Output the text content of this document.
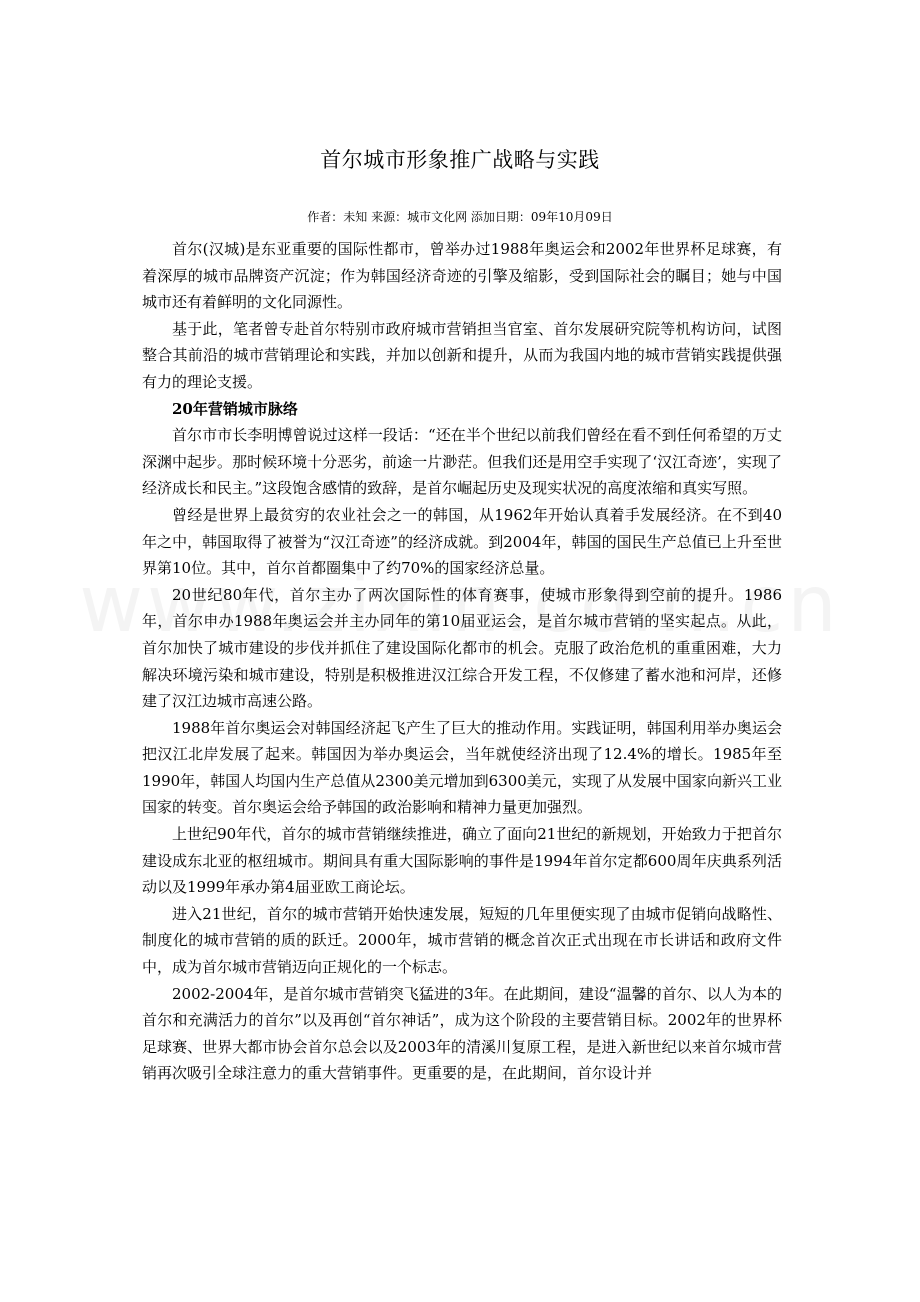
首尔城市形象推广战略与实践
作者：未知 来源：城市文化网 添加日期：09年10月09日

首尔(汉城)是东亚重要的国际性都市，曾举办过1988年奥运会和2002年世界杯足球赛，有着深厚的城市品牌资产沉淀；作为韩国经济奇迹的引擎及缩影，受到国际社会的瞩目；她与中国城市还有着鲜明的文化同源性。

基于此，笔者曾专赴首尔特别市政府城市营销担当官室、首尔发展研究院等机构访问，试图整合其前沿的城市营销理论和实践，并加以创新和提升，从而为我国内地的城市营销实践提供强有力的理论支援。

20年营销城市脉络

首尔市市长李明博曾说过这样一段话：“还在半个世纪以前我们曾经在看不到任何希望的万丈深渊中起步。那时候环境十分恶劣，前途一片渺茫。但我们还是用空手实现了‘汉江奇迹’，实现了经济成长和民主。”这段饱含感情的致辞，是首尔崛起历史及现实状况的高度浓缩和真实写照。

曾经是世界上最贫穷的农业社会之一的韩国，从1962年开始认真着手发展经济。在不到40年之中，韩国取得了被誉为“汉江奇迹”的经济成就。到2004年，韩国的国民生产总值已上升至世界第10位。其中，首尔首都圈集中了约70%的国家经济总量。

20世纪80年代，首尔主办了两次国际性的体育赛事，使城市形象得到空前的提升。1986年，首尔申办1988年奥运会并主办同年的第10届亚运会，是首尔城市营销的坚实起点。从此，首尔加快了城市建设的步伐并抓住了建设国际化都市的机会。克服了政治危机的重重困难，大力解决环境污染和城市建设，特别是积极推进汉江综合开发工程，不仅修建了蓄水池和河岸，还修建了汉江边城市高速公路。

1988年首尔奥运会对韩国经济起飞产生了巨大的推动作用。实践证明，韩国利用举办奥运会把汉江北岸发展了起来。韩国因为举办奥运会，当年就使经济出现了12.4%的增长。1985年至1990年，韩国人均国内生产总值从2300美元增加到6300美元，实现了从发展中国家向新兴工业国家的转变。首尔奥运会给予韩国的政治影响和精神力量更加强烈。

上世纪90年代，首尔的城市营销继续推进，确立了面向21世纪的新规划，开始致力于把首尔建设成东北亚的枢纽城市。期间具有重大国际影响的事件是1994年首尔定都600周年庆典系列活动以及1999年承办第4届亚欧工商论坛。

进入21世纪，首尔的城市营销开始快速发展，短短的几年里便实现了由城市促销向战略性、制度化的城市营销的质的跃迁。2000年，城市营销的概念首次正式出现在市长讲话和政府文件中，成为首尔城市营销迈向正规化的一个标志。

2002-2004年，是首尔城市营销突飞猛进的3年。在此期间，建设“温馨的首尔、以人为本的首尔和充满活力的首尔”以及再创“首尔神话”，成为这个阶段的主要营销目标。2002年的世界杯足球赛、世界大都市协会首尔总会以及2003年的清溪川复原工程，是进入新世纪以来首尔城市营销再次吸引全球注意力的重大营销事件。更重要的是，在此期间，首尔设计并
